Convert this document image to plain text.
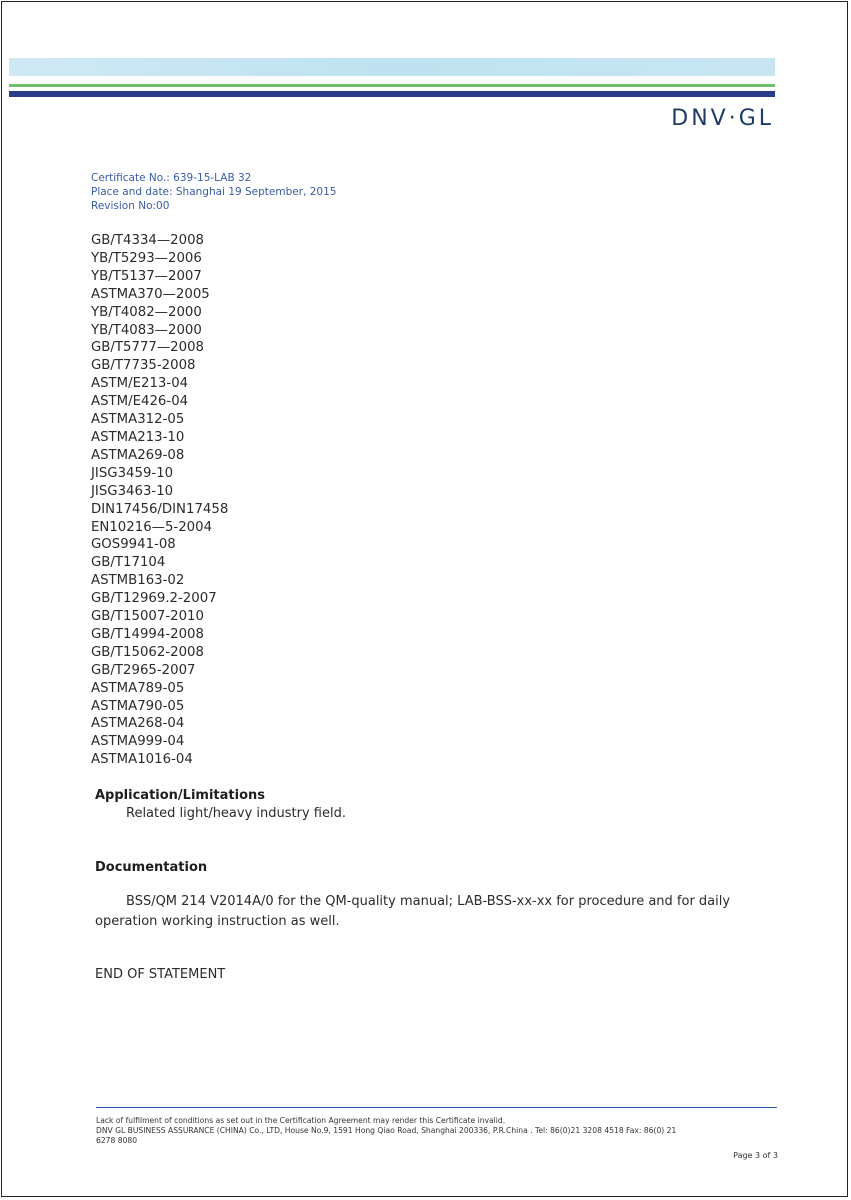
DNV·GL
Certificate No.: 639-15-LAB 32
Place and date: Shanghai 19 September, 2015
Revision No:00
GB/T4334—2008
YB/T5293—2006
YB/T5137—2007
ASTMA370—2005
YB/T4082—2000
YB/T4083—2000
GB/T5777—2008
GB/T7735-2008
ASTM/E213-04
ASTM/E426-04
ASTMA312-05
ASTMA213-10
ASTMA269-08
JISG3459-10
JISG3463-10
DIN17456/DIN17458
EN10216—5-2004
GOS9941-08
GB/T17104
ASTMB163-02
GB/T12969.2-2007
GB/T15007-2010
GB/T14994-2008
GB/T15062-2008
GB/T2965-2007
ASTMA789-05
ASTMA790-05
ASTMA268-04
ASTMA999-04
ASTMA1016-04
Application/Limitations
Related light/heavy industry field.
Documentation
BSS/QM 214 V2014A/0 for the QM-quality manual; LAB-BSS-xx-xx for procedure and for daily
operation working instruction as well.
END OF STATEMENT
Lack of fulfilment of conditions as set out in the Certification Agreement may render this Certificate invalid.
DNV GL BUSINESS ASSURANCE (CHINA) Co., LTD, House No.9, 1591 Hong Qiao Road, Shanghai 200336, P.R.China . Tel: 86(0)21 3208 4518 Fax: 86(0) 21
6278 8080
Page 3 of 3
